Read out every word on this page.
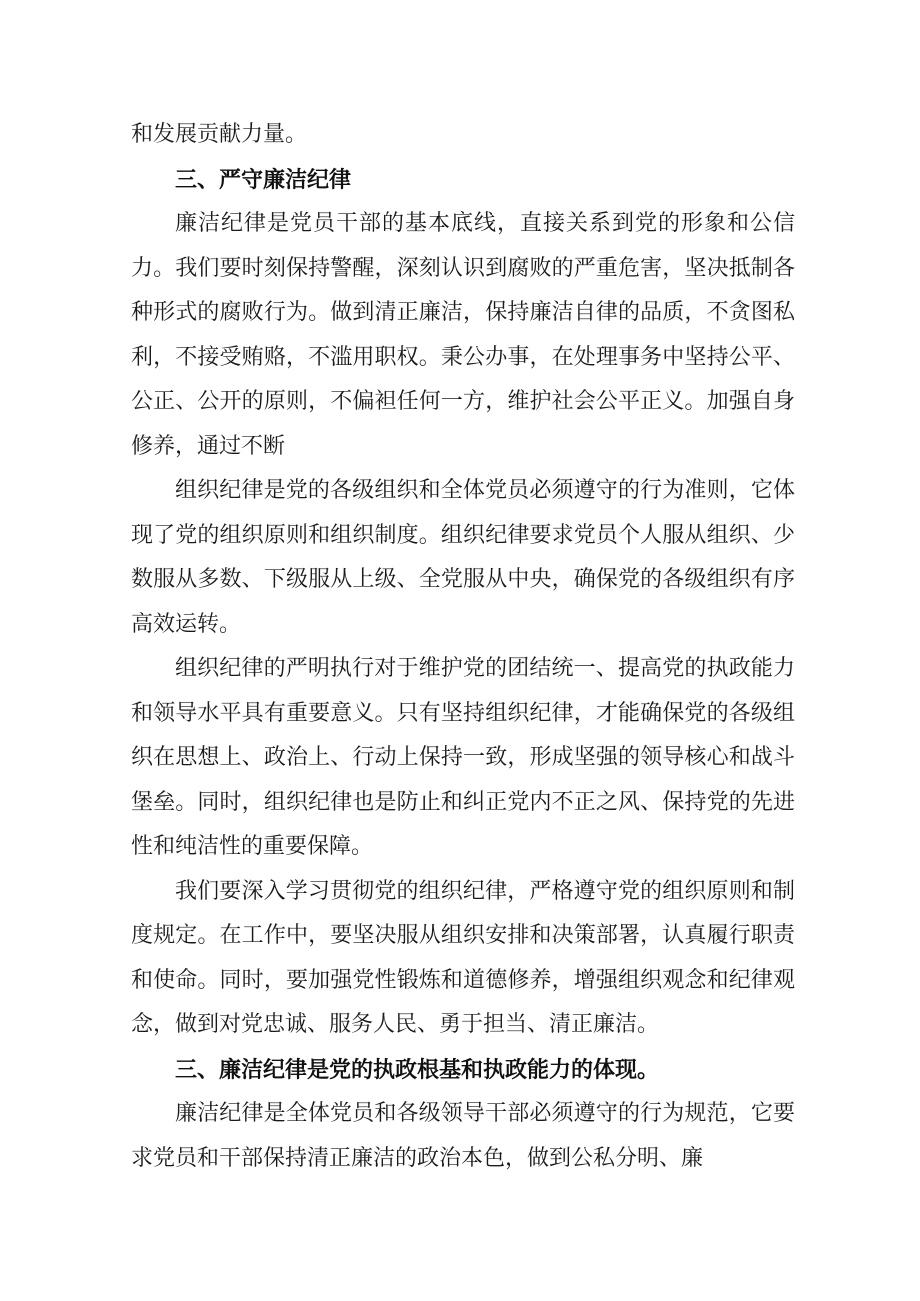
和发展贡献力量。

三、严守廉洁纪律

廉洁纪律是党员干部的基本底线，直接关系到党的形象和公信力。我们要时刻保持警醒，深刻认识到腐败的严重危害，坚决抵制各种形式的腐败行为。做到清正廉洁，保持廉洁自律的品质，不贪图私利，不接受贿赂，不滥用职权。秉公办事，在处理事务中坚持公平、公正、公开的原则，不偏袒任何一方，维护社会公平正义。加强自身修养，通过不断

组织纪律是党的各级组织和全体党员必须遵守的行为准则，它体现了党的组织原则和组织制度。组织纪律要求党员个人服从组织、少数服从多数、下级服从上级、全党服从中央，确保党的各级组织有序高效运转。

组织纪律的严明执行对于维护党的团结统一、提高党的执政能力和领导水平具有重要意义。只有坚持组织纪律，才能确保党的各级组织在思想上、政治上、行动上保持一致，形成坚强的领导核心和战斗堡垒。同时，组织纪律也是防止和纠正党内不正之风、保持党的先进性和纯洁性的重要保障。

我们要深入学习贯彻党的组织纪律，严格遵守党的组织原则和制度规定。在工作中，要坚决服从组织安排和决策部署，认真履行职责和使命。同时，要加强党性锻炼和道德修养，增强组织观念和纪律观念，做到对党忠诚、服务人民、勇于担当、清正廉洁。

三、廉洁纪律是党的执政根基和执政能力的体现。

廉洁纪律是全体党员和各级领导干部必须遵守的行为规范，它要求党员和干部保持清正廉洁的政治本色，做到公私分明、廉
